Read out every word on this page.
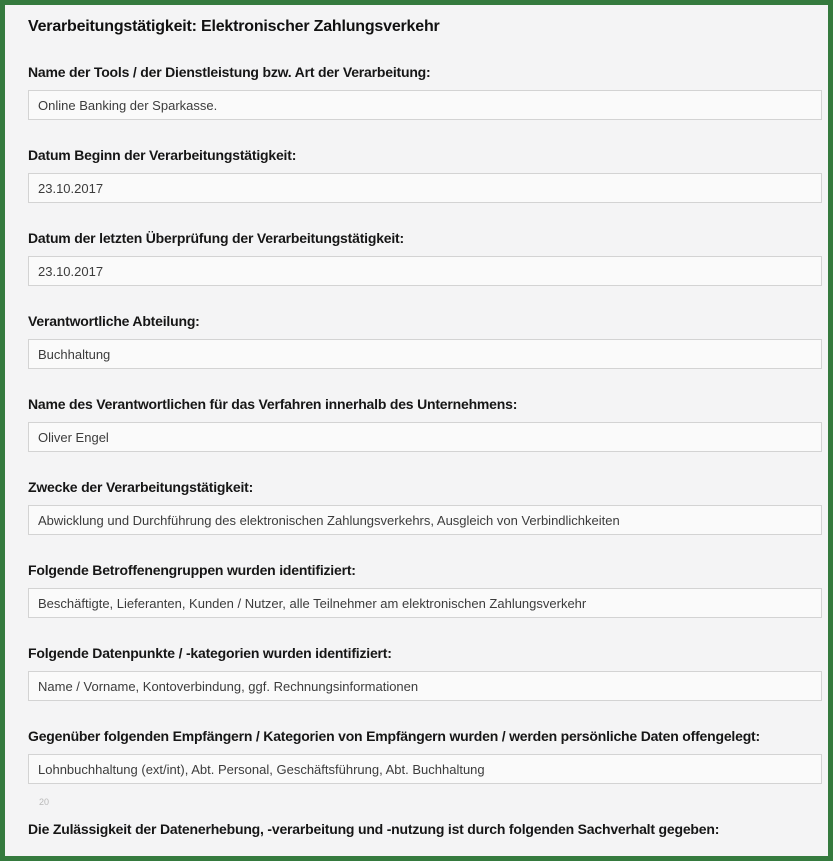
Verarbeitungstätigkeit: Elektronischer Zahlungsverkehr
Name der Tools / der Dienstleistung bzw. Art der Verarbeitung:
Online Banking der Sparkasse.
Datum Beginn der Verarbeitungstätigkeit:
23.10.2017
Datum der letzten Überprüfung der Verarbeitungstätigkeit:
23.10.2017
Verantwortliche Abteilung:
Buchhaltung
Name des Verantwortlichen für das Verfahren innerhalb des Unternehmens:
Oliver Engel
Zwecke der Verarbeitungstätigkeit:
Abwicklung und Durchführung des elektronischen Zahlungsverkehrs, Ausgleich von Verbindlichkeiten
Folgende Betroffenengruppen wurden identifiziert:
Beschäftigte, Lieferanten, Kunden / Nutzer, alle Teilnehmer am elektronischen Zahlungsverkehr
Folgende Datenpunkte / -kategorien wurden identifiziert:
Name / Vorname, Kontoverbindung, ggf. Rechnungsinformationen
Gegenüber folgenden Empfängern / Kategorien von Empfängern wurden / werden persönliche Daten offengelegt:
Lohnbuchhaltung (ext/int), Abt. Personal, Geschäftsführung, Abt. Buchhaltung
20
Die Zulässigkeit der Datenerhebung, -verarbeitung und -nutzung ist durch folgenden Sachverhalt gegeben:
